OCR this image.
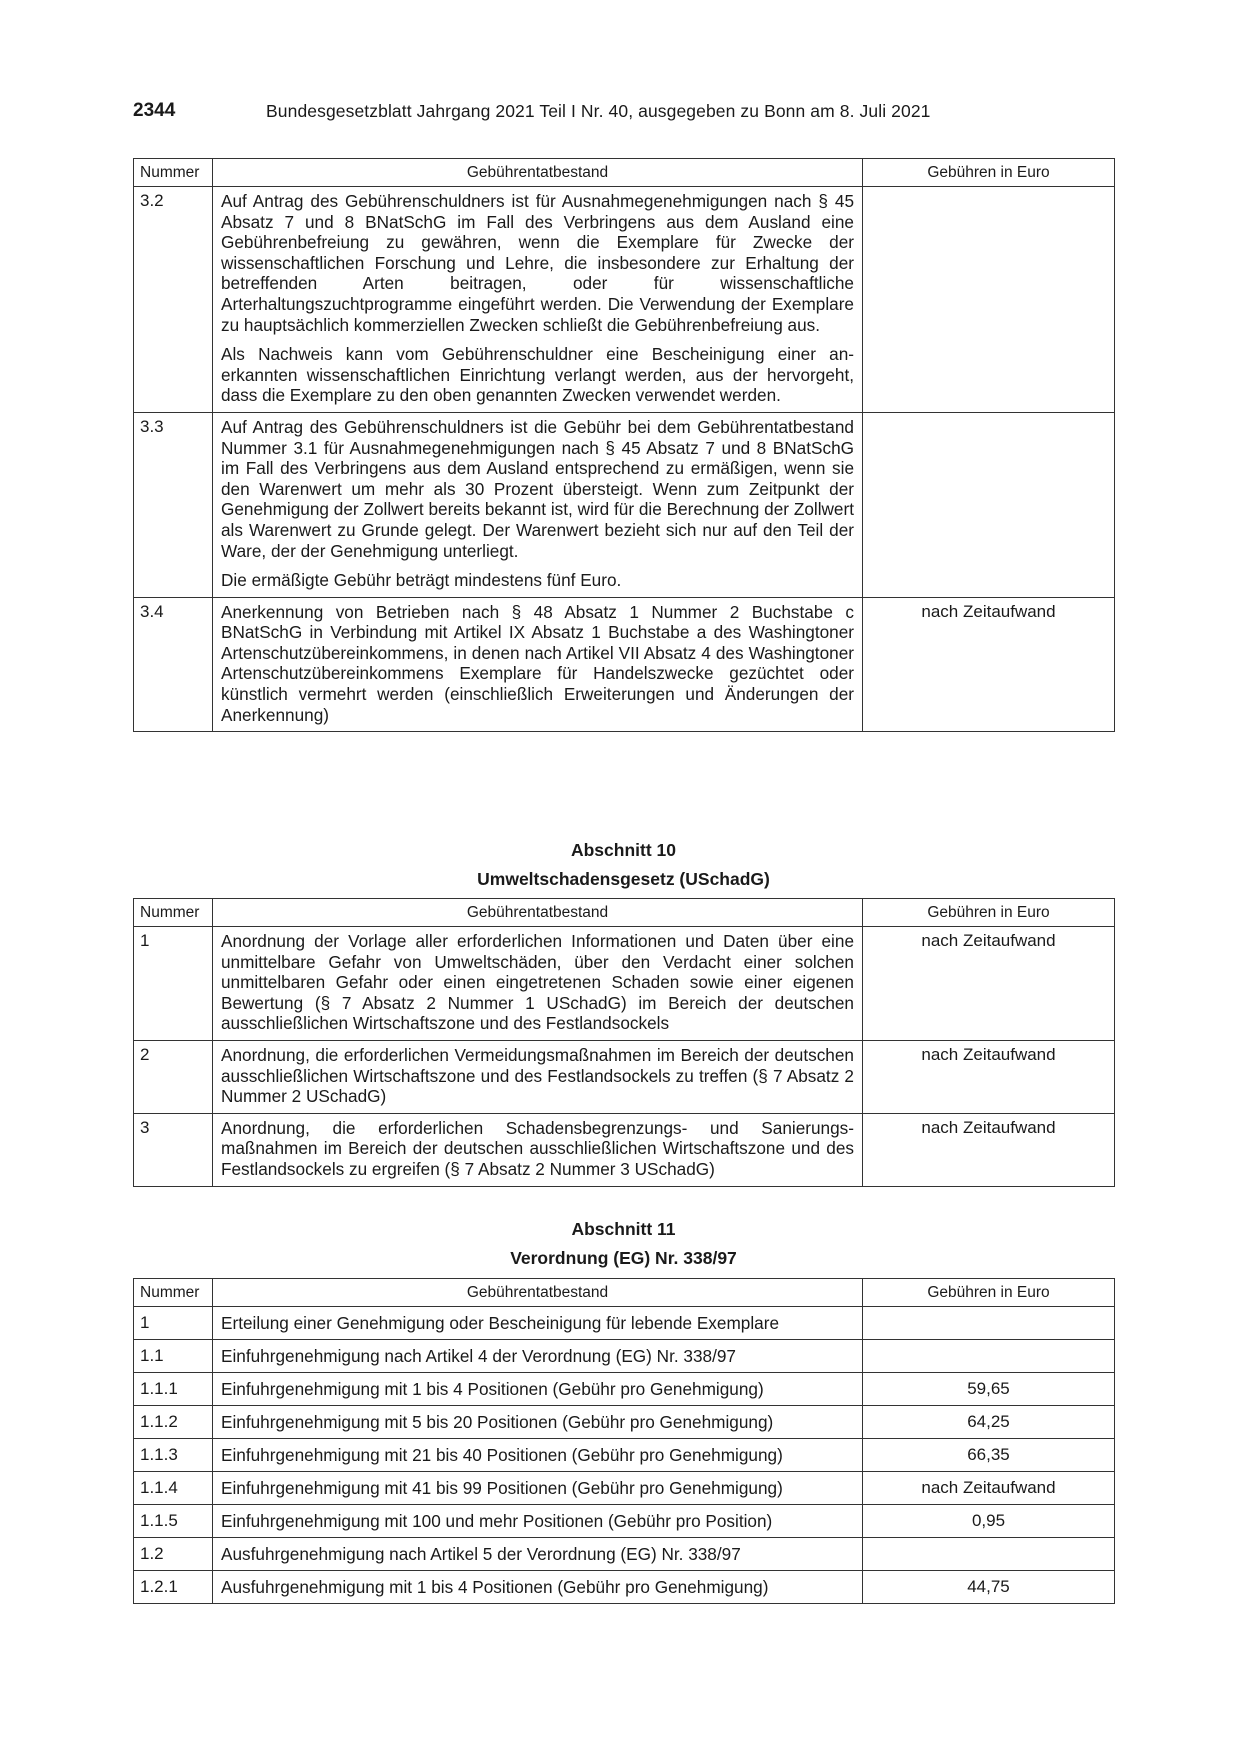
2344	Bundesgesetzblatt Jahrgang 2021 Teil I Nr. 40, ausgegeben zu Bonn am 8. Juli 2021
Nummer	Gebührentatbestand	Gebühren in Euro
3.2	Auf Antrag des Gebührenschuldners ist für Ausnahmegenehmigungen nach § 45 Absatz 7 und 8 BNatSchG im Fall des Verbringens aus dem Ausland eine Gebührenbefreiung zu gewähren, wenn die Exemplare für Zwecke der wissenschaftlichen Forschung und Lehre, die insbesondere zur Erhaltung der betreffenden Arten beitragen, oder für wissenschaftliche Arterhaltungszuchtprogramme eingeführt werden. Die Verwendung der Exemplare zu hauptsächlich kommerziellen Zwecken schließt die Gebührenbefreiung aus.

Als Nachweis kann vom Gebührenschuldner eine Bescheinigung einer anerkannten wissenschaftlichen Einrichtung verlangt werden, aus der hervorgeht, dass die Exemplare zu den oben genannten Zwecken verwendet werden.	

3.3	Auf Antrag des Gebührenschuldners ist die Gebühr bei dem Gebührentatbestand Nummer 3.1 für Ausnahmegenehmigungen nach § 45 Absatz 7 und 8 BNatSchG im Fall des Verbringens aus dem Ausland entsprechend zu ermäßigen, wenn sie den Warenwert um mehr als 30 Prozent übersteigt. Wenn zum Zeitpunkt der Genehmigung der Zollwert bereits bekannt ist, wird für die Berechnung der Zollwert als Warenwert zu Grunde gelegt. Der Warenwert bezieht sich nur auf den Teil der Ware, der der Genehmigung unterliegt.

Die ermäßigte Gebühr beträgt mindestens fünf Euro.	

3.4	Anerkennung von Betrieben nach § 48 Absatz 1 Nummer 2 Buchstabe c BNatSchG in Verbindung mit Artikel IX Absatz 1 Buchstabe a des Washingtoner Artenschutzübereinkommens, in denen nach Artikel VII Absatz 4 des Washingtoner Artenschutzübereinkommens Exemplare für Handelszwecke gezüchtet oder künstlich vermehrt werden (einschließlich Erweiterungen und Änderungen der Anerkennung)	nach Zeitaufwand
Abschnitt 10
Umweltschadensgesetz (USchadG)
Nummer	Gebührentatbestand	Gebühren in Euro
1	Anordnung der Vorlage aller erforderlichen Informationen und Daten über eine unmittelbare Gefahr von Umweltschäden, über den Verdacht einer solchen unmittelbaren Gefahr oder einen eingetretenen Schaden sowie einer eigenen Bewertung (§ 7 Absatz 2 Nummer 1 USchadG) im Bereich der deutschen ausschließlichen Wirtschaftszone und des Festlandsockels	nach Zeitaufwand
2	Anordnung, die erforderlichen Vermeidungsmaßnahmen im Bereich der deutschen ausschließlichen Wirtschaftszone und des Festlandsockels zu treffen (§ 7 Absatz 2 Nummer 2 USchadG)	nach Zeitaufwand
3	Anordnung, die erforderlichen Schadensbegrenzungs- und Sanierungsmaßnahmen im Bereich der deutschen ausschließlichen Wirtschaftszone und des Festlandsockels zu ergreifen (§ 7 Absatz 2 Nummer 3 USchadG)	nach Zeitaufwand
Abschnitt 11
Verordnung (EG) Nr. 338/97
Nummer	Gebührentatbestand	Gebühren in Euro
1	Erteilung einer Genehmigung oder Bescheinigung für lebende Exemplare	
1.1	Einfuhrgenehmigung nach Artikel 4 der Verordnung (EG) Nr. 338/97	
1.1.1	Einfuhrgenehmigung mit 1 bis 4 Positionen (Gebühr pro Genehmigung)	59,65
1.1.2	Einfuhrgenehmigung mit 5 bis 20 Positionen (Gebühr pro Genehmigung)	64,25
1.1.3	Einfuhrgenehmigung mit 21 bis 40 Positionen (Gebühr pro Genehmigung)	66,35
1.1.4	Einfuhrgenehmigung mit 41 bis 99 Positionen (Gebühr pro Genehmigung)	nach Zeitaufwand
1.1.5	Einfuhrgenehmigung mit 100 und mehr Positionen (Gebühr pro Position)	0,95
1.2	Ausfuhrgenehmigung nach Artikel 5 der Verordnung (EG) Nr. 338/97	
1.2.1	Ausfuhrgenehmigung mit 1 bis 4 Positionen (Gebühr pro Genehmigung)	44,75
